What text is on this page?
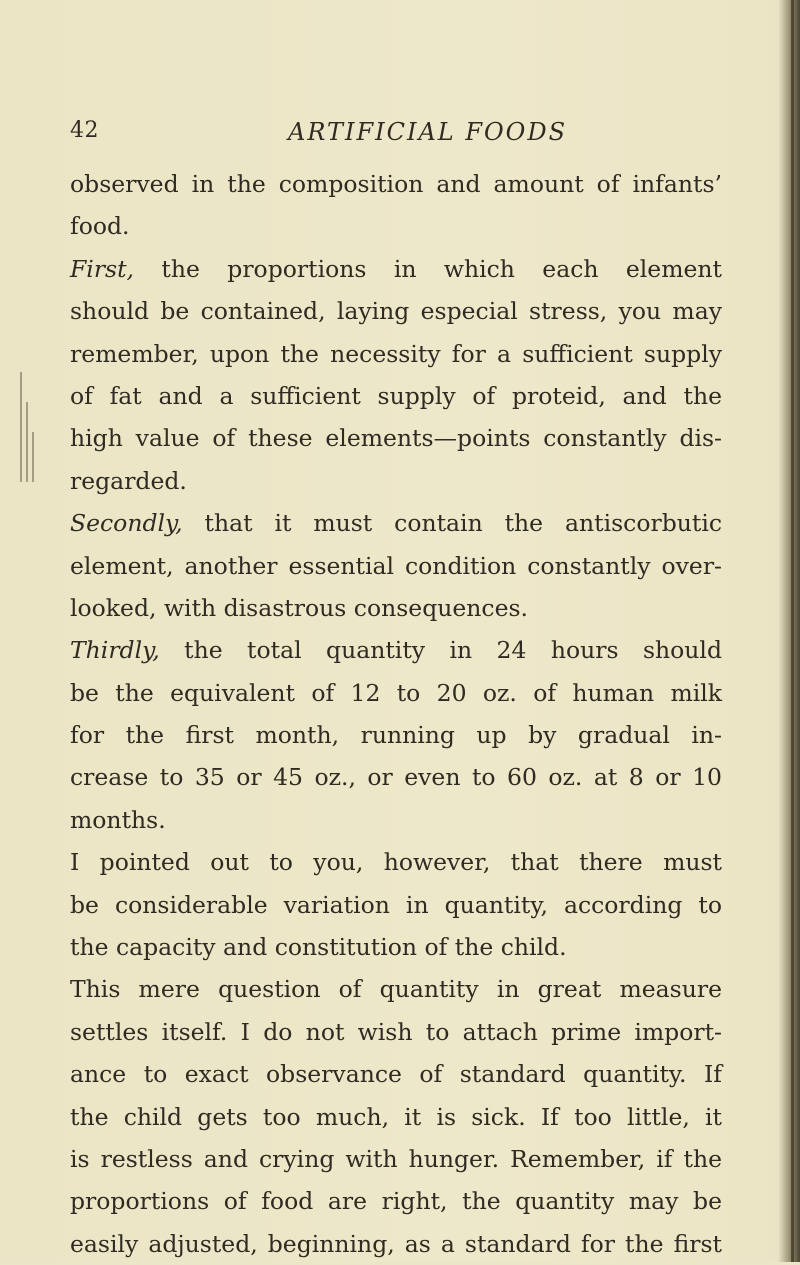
42	ARTIFICIAL FOODS
observed in the composition and amount of infants’
food.
First, the proportions in which each element
should be contained, laying especial stress, you may
remember, upon the necessity for a sufficient supply
of fat and a sufficient supply of proteid, and the
high value of these elements—points constantly dis-
regarded.
Secondly, that it must contain the antiscorbutic
element, another essential condition constantly over-
looked, with disastrous consequences.
Thirdly, the total quantity in 24 hours should
be the equivalent of 12 to 20 oz. of human milk
for the first month, running up by gradual in-
crease to 35 or 45 oz., or even to 60 oz. at 8 or 10
months.
I pointed out to you, however, that there must
be considerable variation in quantity, according to
the capacity and constitution of the child.
This mere question of quantity in great measure
settles itself. I do not wish to attach prime import-
ance to exact observance of standard quantity. If
the child gets too much, it is sick. If too little, it
is restless and crying with hunger. Remember, if the
proportions of food are right, the quantity may be
easily adjusted, beginning, as a standard for the first
